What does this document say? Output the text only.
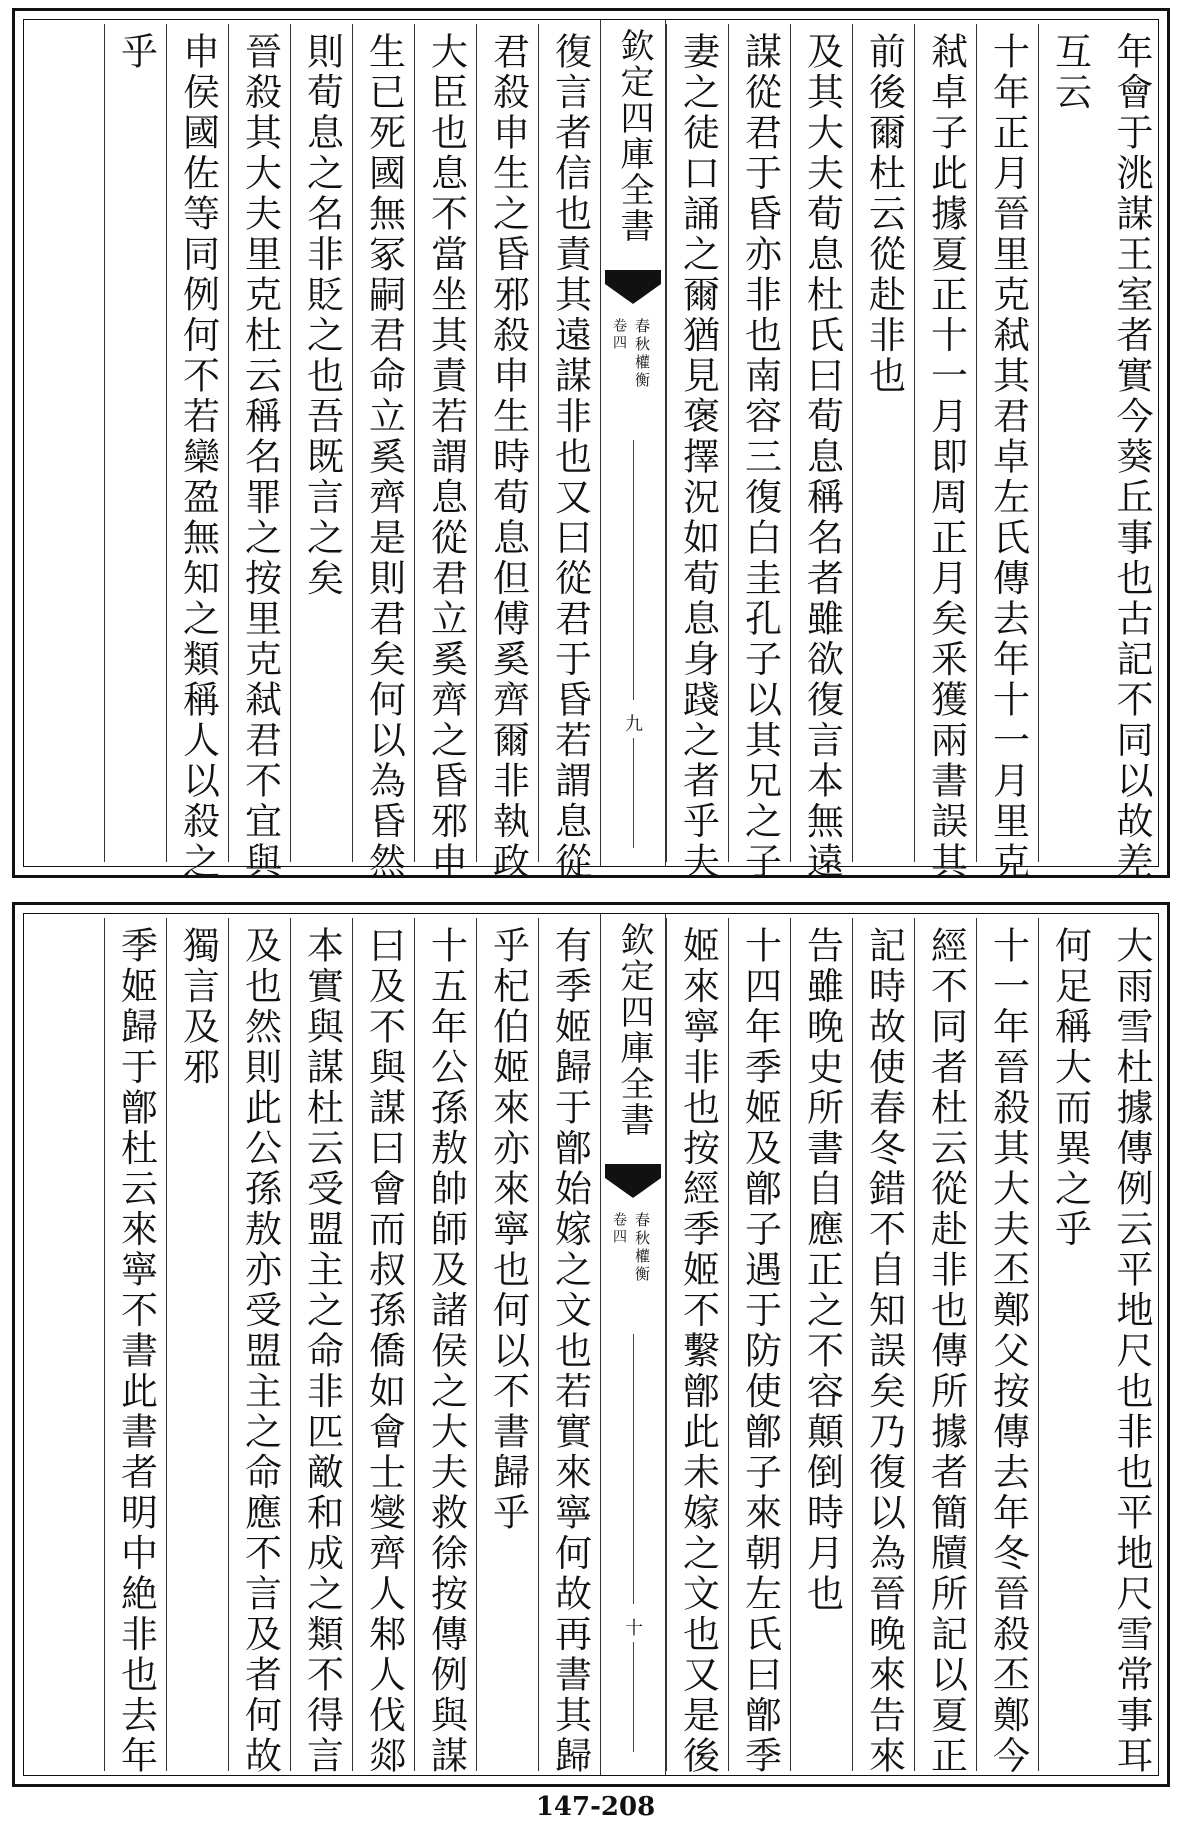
年會于洮謀王室者實今葵丘事也古記不同以故差
互云
十年正月晉里克弒其君卓左氏傳去年十一月里克
弒卓子此據夏正十一月即周正月矣釆獲兩書誤其
前後爾杜云從赴非也
及其大夫荀息杜氏曰荀息稱名者雖欲復言本無遠
謀從君于昏亦非也南容三復白圭孔子以其兄之子
妻之徒口誦之爾猶見褒擇況如荀息身踐之者乎夫
欽定四庫全書
卷四 春秋權衡
九
復言者信也責其遠謀非也又曰從君于昏若謂息從
君殺申生之昏邪殺申生時荀息但傅奚齊爾非執政
大臣也息不當坐其責若謂息從君立奚齊之昏邪申
生已死國無冢嗣君命立奚齊是則君矣何以為昏然
則荀息之名非貶之也吾既言之矣
晉殺其大夫里克杜云稱名罪之按里克弒君不宜與
申侯國佐等同例何不若欒盈無知之類稱人以殺之
乎
大雨雪杜據傳例云平地尺也非也平地尺雪常事耳
何足稱大而異之乎
十一年晉殺其大夫丕鄭父按傳去年冬晉殺丕鄭今
經不同者杜云從赴非也傳所據者簡牘所記以夏正
記時故使春冬錯不自知誤矣乃復以為晉晚來告來
告雖晚史所書自應正之不容顛倒時月也
十四年季姬及鄫子遇于防使鄫子來朝左氏曰鄫季
姬來寧非也按經季姬不繫鄫此未嫁之文也又是後
欽定四庫全書
卷四 春秋權衡
十
有季姬歸于鄫始嫁之文也若實來寧何故再書其歸
乎杞伯姬來亦來寧也何以不書歸乎
十五年公孫敖帥師及諸侯之大夫救徐按傳例與謀
曰及不與謀曰會而叔孫僑如會士燮齊人邾人伐郯
本實與謀杜云受盟主之命非匹敵和成之類不得言
及也然則此公孫敖亦受盟主之命應不言及者何故
獨言及邪
季姬歸于鄫杜云來寧不書此書者明中絶非也去年
147-208
